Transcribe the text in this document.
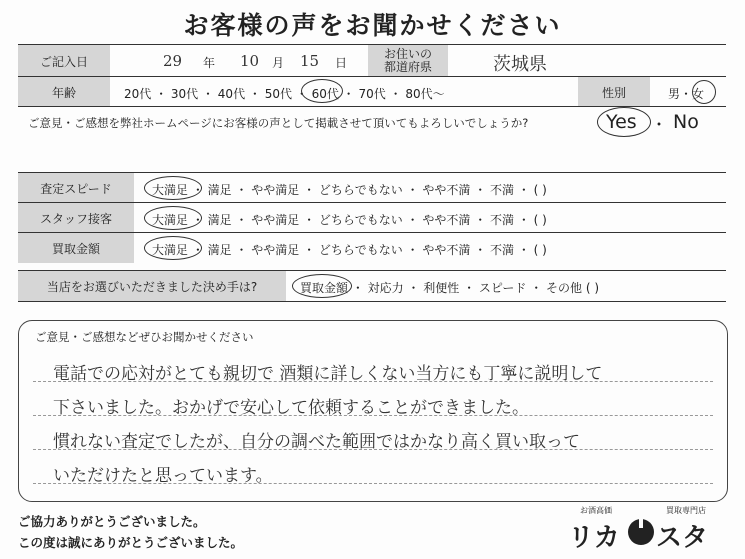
お客様の声をお聞かせください
ご記入日	29 年 10 月 15 日
お住いの
都道府県	茨城県
年齢	20代 ・ 30代 ・ 40代 ・ 50代 ・ 60代 ・ 70代 ・ 80代〜	性別	男・女
ご意見・ご感想を弊社ホームページにお客様の声として掲載させて頂いてもよろしいでしょうか?	Yes ・ No
査定スピード	大満足 ・ 満足 ・ やや満足 ・ どちらでもない ・ やや不満 ・ 不満 ・ ( )
スタッフ接客	大満足 ・ 満足 ・ やや満足 ・ どちらでもない ・ やや不満 ・ 不満 ・ ( )
買取金額	大満足 ・ 満足 ・ やや満足 ・ どちらでもない ・ やや不満 ・ 不満 ・ ( )
当店をお選びいただきました決め手は?	買取金額 ・ 対応力 ・ 利便性 ・ スピード ・ その他 ( )
ご意見・ご感想などぜひお聞かせください
電話での応対がとても親切で 酒類に詳しくない当方にも丁寧に説明して
下さいました。おかげで安心して依頼することができました。
慣れない査定でしたが、自分の調べた範囲ではかなり高く買い取って
いただけたと思っています。
ご協力ありがとうございました。
この度は誠にありがとうございました。
お酒高価	買取専門店
リカ スタ
